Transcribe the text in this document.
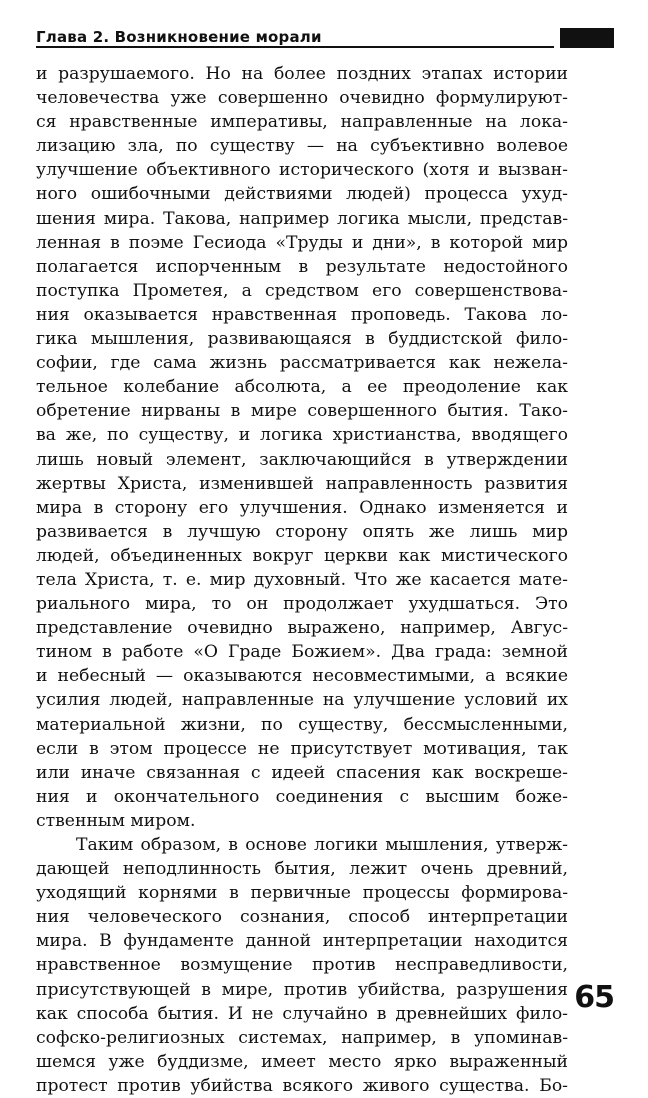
Глава 2. Возникновение морали
и разрушаемого. Но на более поздних этапах истории
человечества уже совершенно очевидно формулируют-
ся нравственные императивы, направленные на лока-
лизацию зла, по существу — на субъективно волевое
улучшение объективного исторического (хотя и вызван-
ного ошибочными действиями людей) процесса ухуд-
шения мира. Такова, например логика мысли, представ-
ленная в поэме Гесиода «Труды и дни», в которой мир
полагается испорченным в результате недостойного
поступка Прометея, а средством его совершенствова-
ния оказывается нравственная проповедь. Такова ло-
гика мышления, развивающаяся в буддистской фило-
софии, где сама жизнь рассматривается как нежела-
тельное колебание абсолюта, а ее преодоление как
обретение нирваны в мире совершенного бытия. Тако-
ва же, по существу, и логика христианства, вводящего
лишь новый элемент, заключающийся в утверждении
жертвы Христа, изменившей направленность развития
мира в сторону его улучшения. Однако изменяется и
развивается в лучшую сторону опять же лишь мир
людей, объединенных вокруг церкви как мистического
тела Христа, т. е. мир духовный. Что же касается мате-
риального мира, то он продолжает ухудшаться. Это
представление очевидно выражено, например, Авгус-
тином в работе «О Граде Божием». Два града: земной
и небесный — оказываются несовместимыми, а всякие
усилия людей, направленные на улучшение условий их
материальной жизни, по существу, бессмысленными,
если в этом процессе не присутствует мотивация, так
или иначе связанная с идеей спасения как воскреше-
ния и окончательного соединения с высшим боже-
ственным миром.
Таким образом, в основе логики мышления, утверж-
дающей неподлинность бытия, лежит очень древний,
уходящий корнями в первичные процессы формирова-
ния человеческого сознания, способ интерпретации
мира. В фундаменте данной интерпретации находится
нравственное возмущение против несправедливости,
присутствующей в мире, против убийства, разрушения
как способа бытия. И не случайно в древнейших фило-
софско-религиозных системах, например, в упоминав-
шемся уже буддизме, имеет место ярко выраженный
протест против убийства всякого живого существа. Бо-
65
